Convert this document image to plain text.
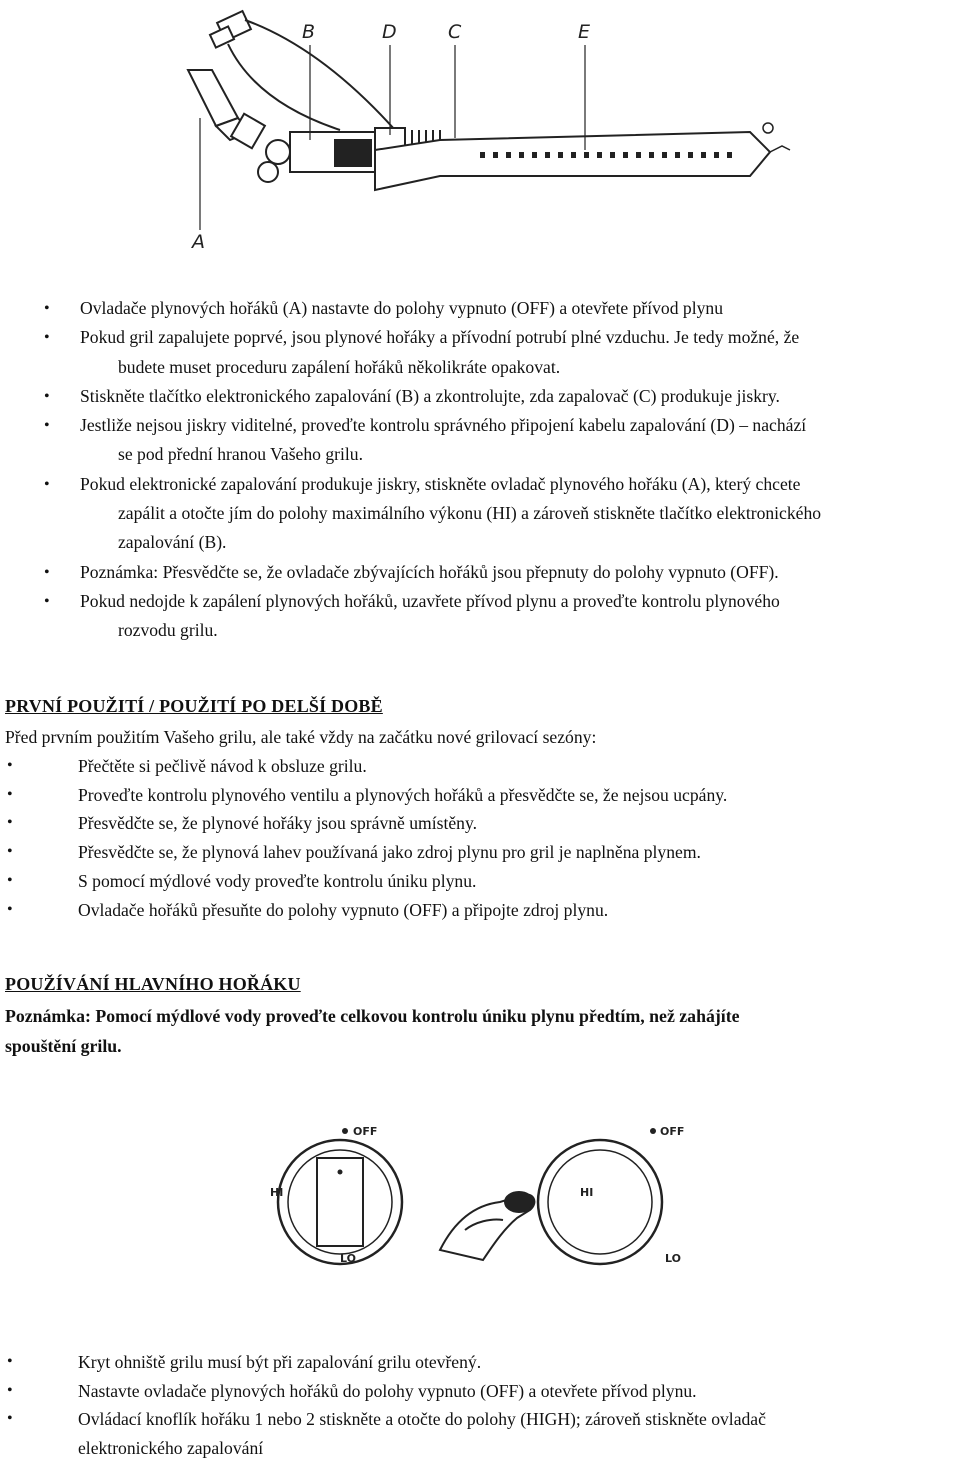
B	D	C	E
A
• Ovladače plynových hořáků (A) nastavte do polohy vypnuto (OFF) a otevřete přívod plynu
• Pokud gril zapalujete poprvé, jsou plynové hořáky a přívodní potrubí plné vzduchu. Je tedy možné, že
budete muset proceduru zapálení hořáků několikráte opakovat.
• Stiskněte tlačítko elektronického zapalování (B) a zkontrolujte, zda zapalovač (C) produkuje jiskry.
• Jestliže nejsou jiskry viditelné, proveďte kontrolu správného připojení kabelu zapalování (D) – nachází
se pod přední hranou Vašeho grilu.
• Pokud elektronické zapalování produkuje jiskry, stiskněte ovladač plynového hořáku (A), který chcete
zapálit a otočte jím do polohy maximálního výkonu (HI) a zároveň stiskněte tlačítko elektronického
zapalování (B).
• Poznámka: Přesvědčte se, že ovladače zbývajících hořáků jsou přepnuty do polohy vypnuto (OFF).
• Pokud nedojde k zapálení plynových hořáků, uzavřete přívod plynu a proveďte kontrolu plynového
rozvodu grilu.
PRVNÍ POUŽITÍ / POUŽITÍ PO DELŠÍ DOBĚ
Před prvním použitím Vašeho grilu, ale také vždy na začátku nové grilovací sezóny:
•	Přečtěte si pečlivě návod k obsluze grilu.
•	Proveďte kontrolu plynového ventilu a plynových hořáků a přesvědčte se, že nejsou ucpány.
•	Přesvědčte se, že plynové hořáky jsou správně umístěny.
•	Přesvědčte se, že plynová lahev používaná jako zdroj plynu pro gril je naplněna plynem.
•	S pomocí mýdlové vody proveďte kontrolu úniku plynu.
•	Ovladače hořáků přesuňte do polohy vypnuto (OFF) a připojte zdroj plynu.
POUŽÍVÁNÍ HLAVNÍHO HOŘÁKU
Poznámka: Pomocí mýdlové vody proveďte celkovou kontrolu úniku plynu předtím, než zahájíte
spouštění grilu.
OFF
HI
LO
OFF
HI
LO
•	Kryt ohniště grilu musí být při zapalování grilu otevřený.
•	Nastavte ovladače plynových hořáků do polohy vypnuto (OFF) a otevřete přívod plynu.
•	Ovládací knoflík hořáku 1 nebo 2 stiskněte a otočte do polohy (HIGH); zároveň stiskněte ovladač
elektronického zapalování
